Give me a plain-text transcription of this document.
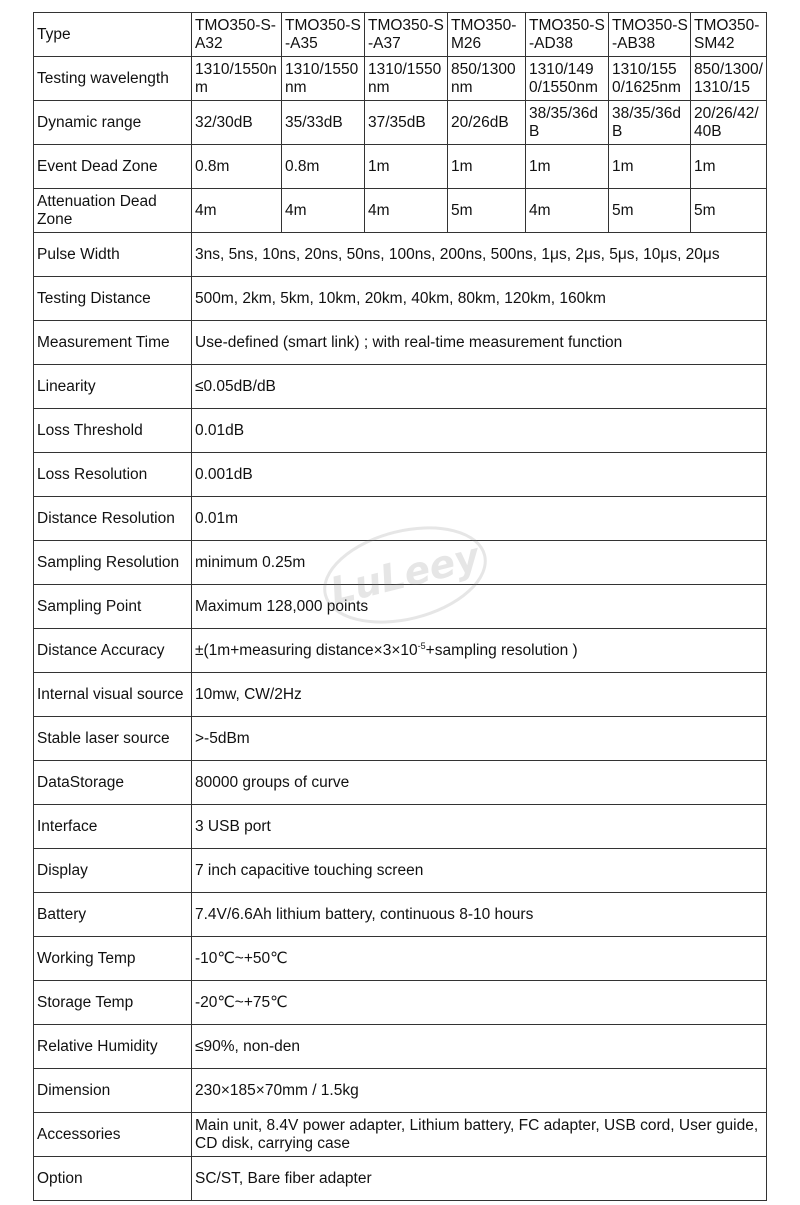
Type	TMO350-S-A32	TMO350-S-A35	TMO350-S-A37	TMO350-M26	TMO350-S-AD38	TMO350-S-AB38	TMO350-SM42
Testing wavelength	1310/1550nm	1310/1550nm	1310/1550nm	850/1300nm	1310/1490/1550nm	1310/1550/1625nm	850/1300/1310/15
Dynamic range	32/30dB	35/33dB	37/35dB	20/26dB	38/35/36dB	38/35/36dB	20/26/42/40B
Event Dead Zone	0.8m	0.8m	1m	1m	1m	1m	1m
Attenuation Dead Zone	4m	4m	4m	5m	4m	5m	5m
Pulse Width	3ns, 5ns, 10ns, 20ns, 50ns, 100ns, 200ns, 500ns, 1μs, 2μs, 5μs, 10μs, 20μs						
Testing Distance	500m, 2km, 5km, 10km, 20km, 40km, 80km, 120km, 160km						
Measurement Time	Use-defined (smart link) ; with real-time measurement function						
Linearity	≤0.05dB/dB						
Loss Threshold	0.01dB						
Loss Resolution	0.001dB						
Distance Resolution	0.01m						
Sampling Resolution	minimum 0.25m						
Sampling Point	Maximum 128,000 points						
Distance Accuracy	±(1m+measuring $distance\times 3\times 10^{-5}+sampling$ resolution )						
Internal visual source	10mw, CW/2Hz						
Stable laser source	>-5dBm						
DataStorage	80000 groups of curve						
Interface	3 USB port						
Display	7 inch capacitive touching screen						
Battery	7.4V/6.6Ah lithium battery, continuous 8-10 hours						
Working Temp	-10℃~+50℃						
Storage Temp	-20℃~+75℃						
Relative Humidity	≤90%, non-den						
Dimension	230×185×70mm / 1.5kg						
Accessories	Main unit, 8.4V power adapter, Lithium battery, FC adapter, USB cord, User guide, CD disk, carrying case						
Option	SC/ST, Bare fiber adapter						
LuLeey
